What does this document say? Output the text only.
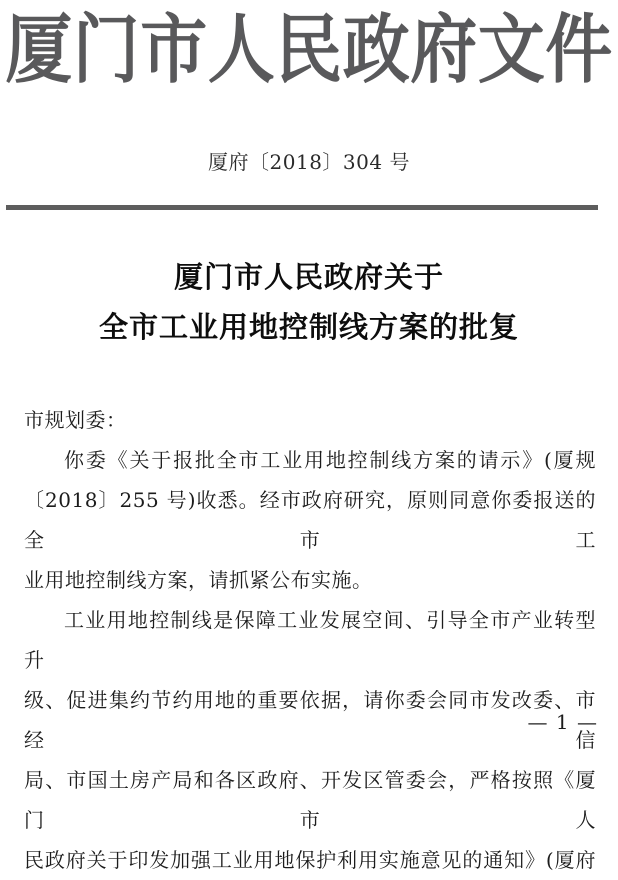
厦门市人民政府文件
厦府〔2018〕304 号
厦门市人民政府关于
全市工业用地控制线方案的批复
市规划委：
你委《关于报批全市工业用地控制线方案的请示》(厦规
〔2018〕255 号)收悉。经市政府研究，原则同意你委报送的全市工
业用地控制线方案，请抓紧公布实施。
工业用地控制线是保障工业发展空间、引导全市产业转型升
级、促进集约节约用地的重要依据，请你委会同市发改委、市经信
局、市国土房产局和各区政府、开发区管委会，严格按照《厦门市人
民政府关于印发加强工业用地保护利用实施意见的通知》(厦府
— 1 —
